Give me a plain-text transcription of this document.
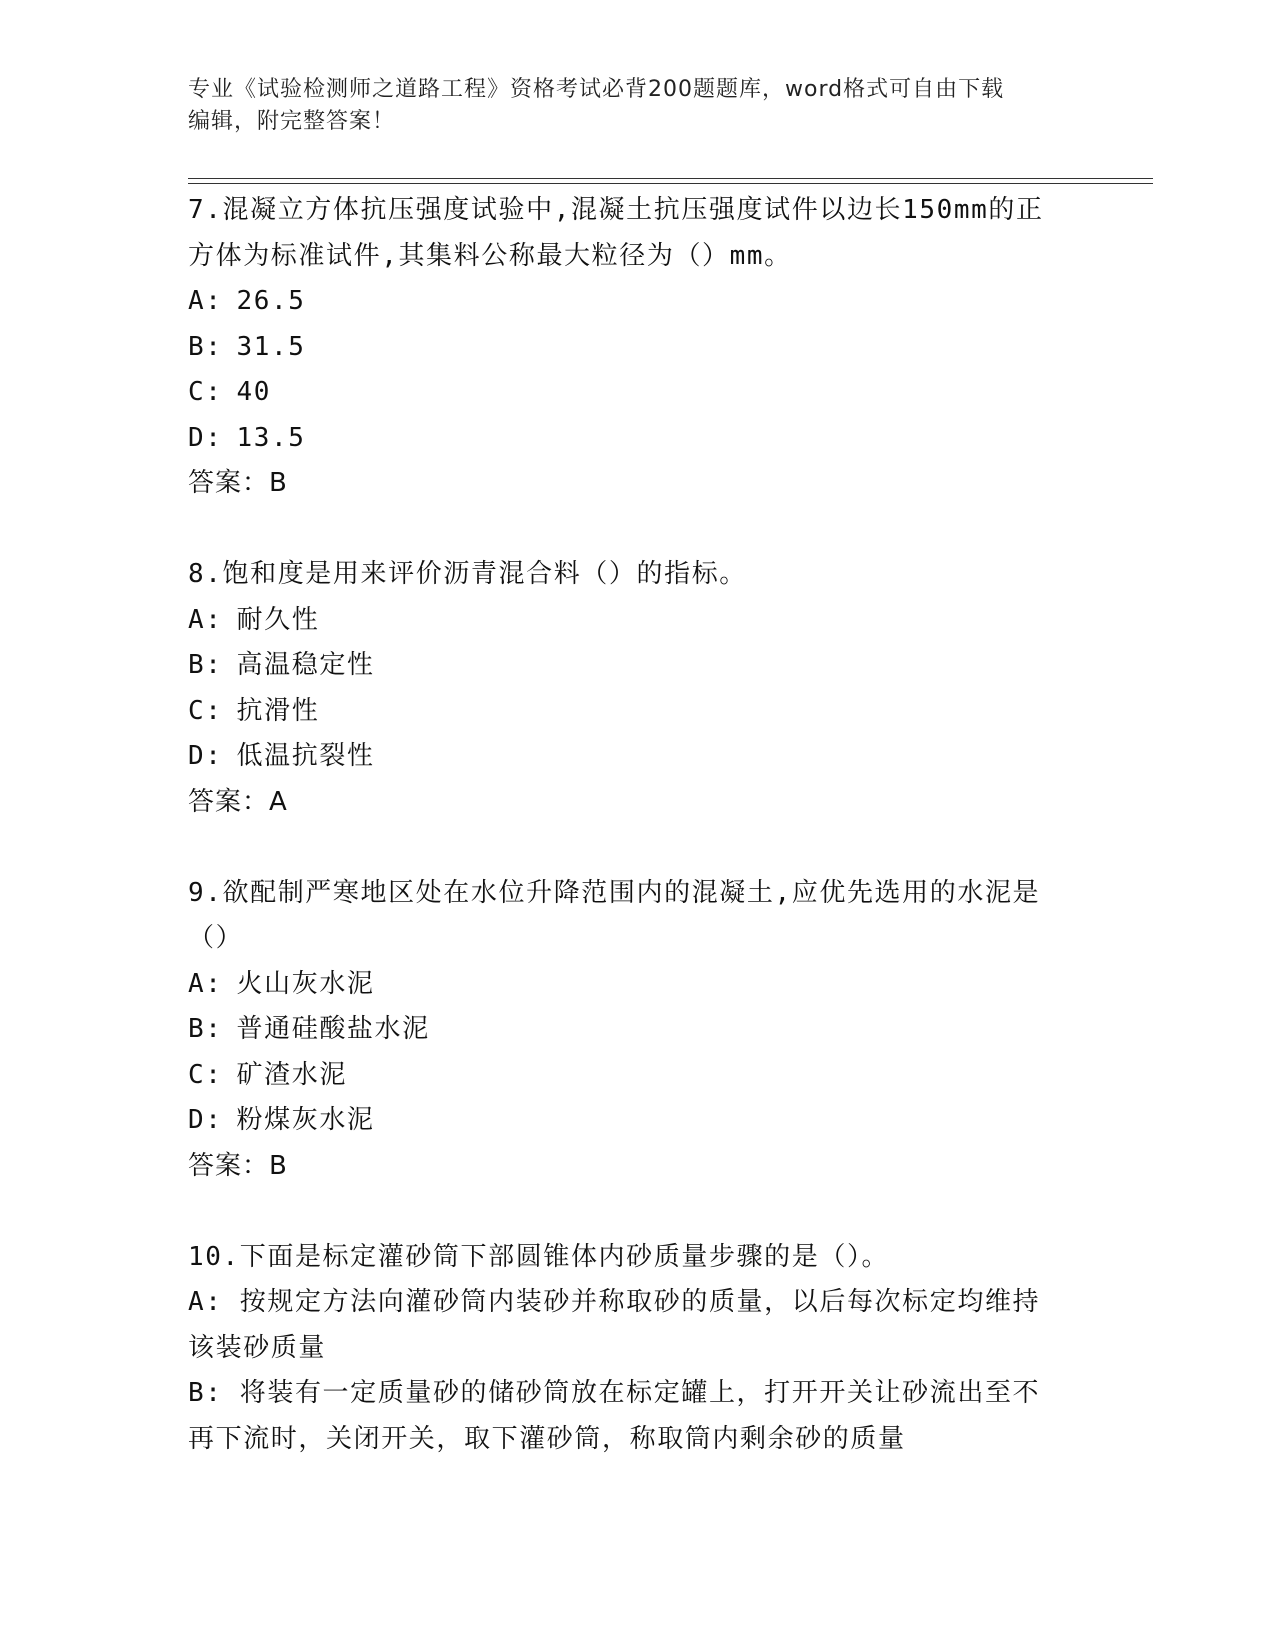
专业《试验检测师之道路工程》资格考试必背200题题库，word格式可自由下载
编辑，附完整答案！

7.混凝立方体抗压强度试验中,混凝土抗压强度试件以边长150mm的正

方体为标准试件,其集料公称最大粒径为（）mm。

A: 26.5

B: 31.5

C: 40

D: 13.5

答案：B

8.饱和度是用来评价沥青混合料（）的指标。

A: 耐久性

B: 高温稳定性

C: 抗滑性

D: 低温抗裂性

答案：A

9.欲配制严寒地区处在水位升降范围内的混凝土,应优先选用的水泥是

（）

A: 火山灰水泥

B: 普通硅酸盐水泥

C: 矿渣水泥

D: 粉煤灰水泥

答案：B

10.下面是标定灌砂筒下部圆锥体内砂质量步骤的是（）。

A: 按规定方法向灌砂筒内装砂并称取砂的质量，以后每次标定均维持

该装砂质量

B: 将装有一定质量砂的储砂筒放在标定罐上，打开开关让砂流出至不

再下流时，关闭开关，取下灌砂筒，称取筒内剩余砂的质量
